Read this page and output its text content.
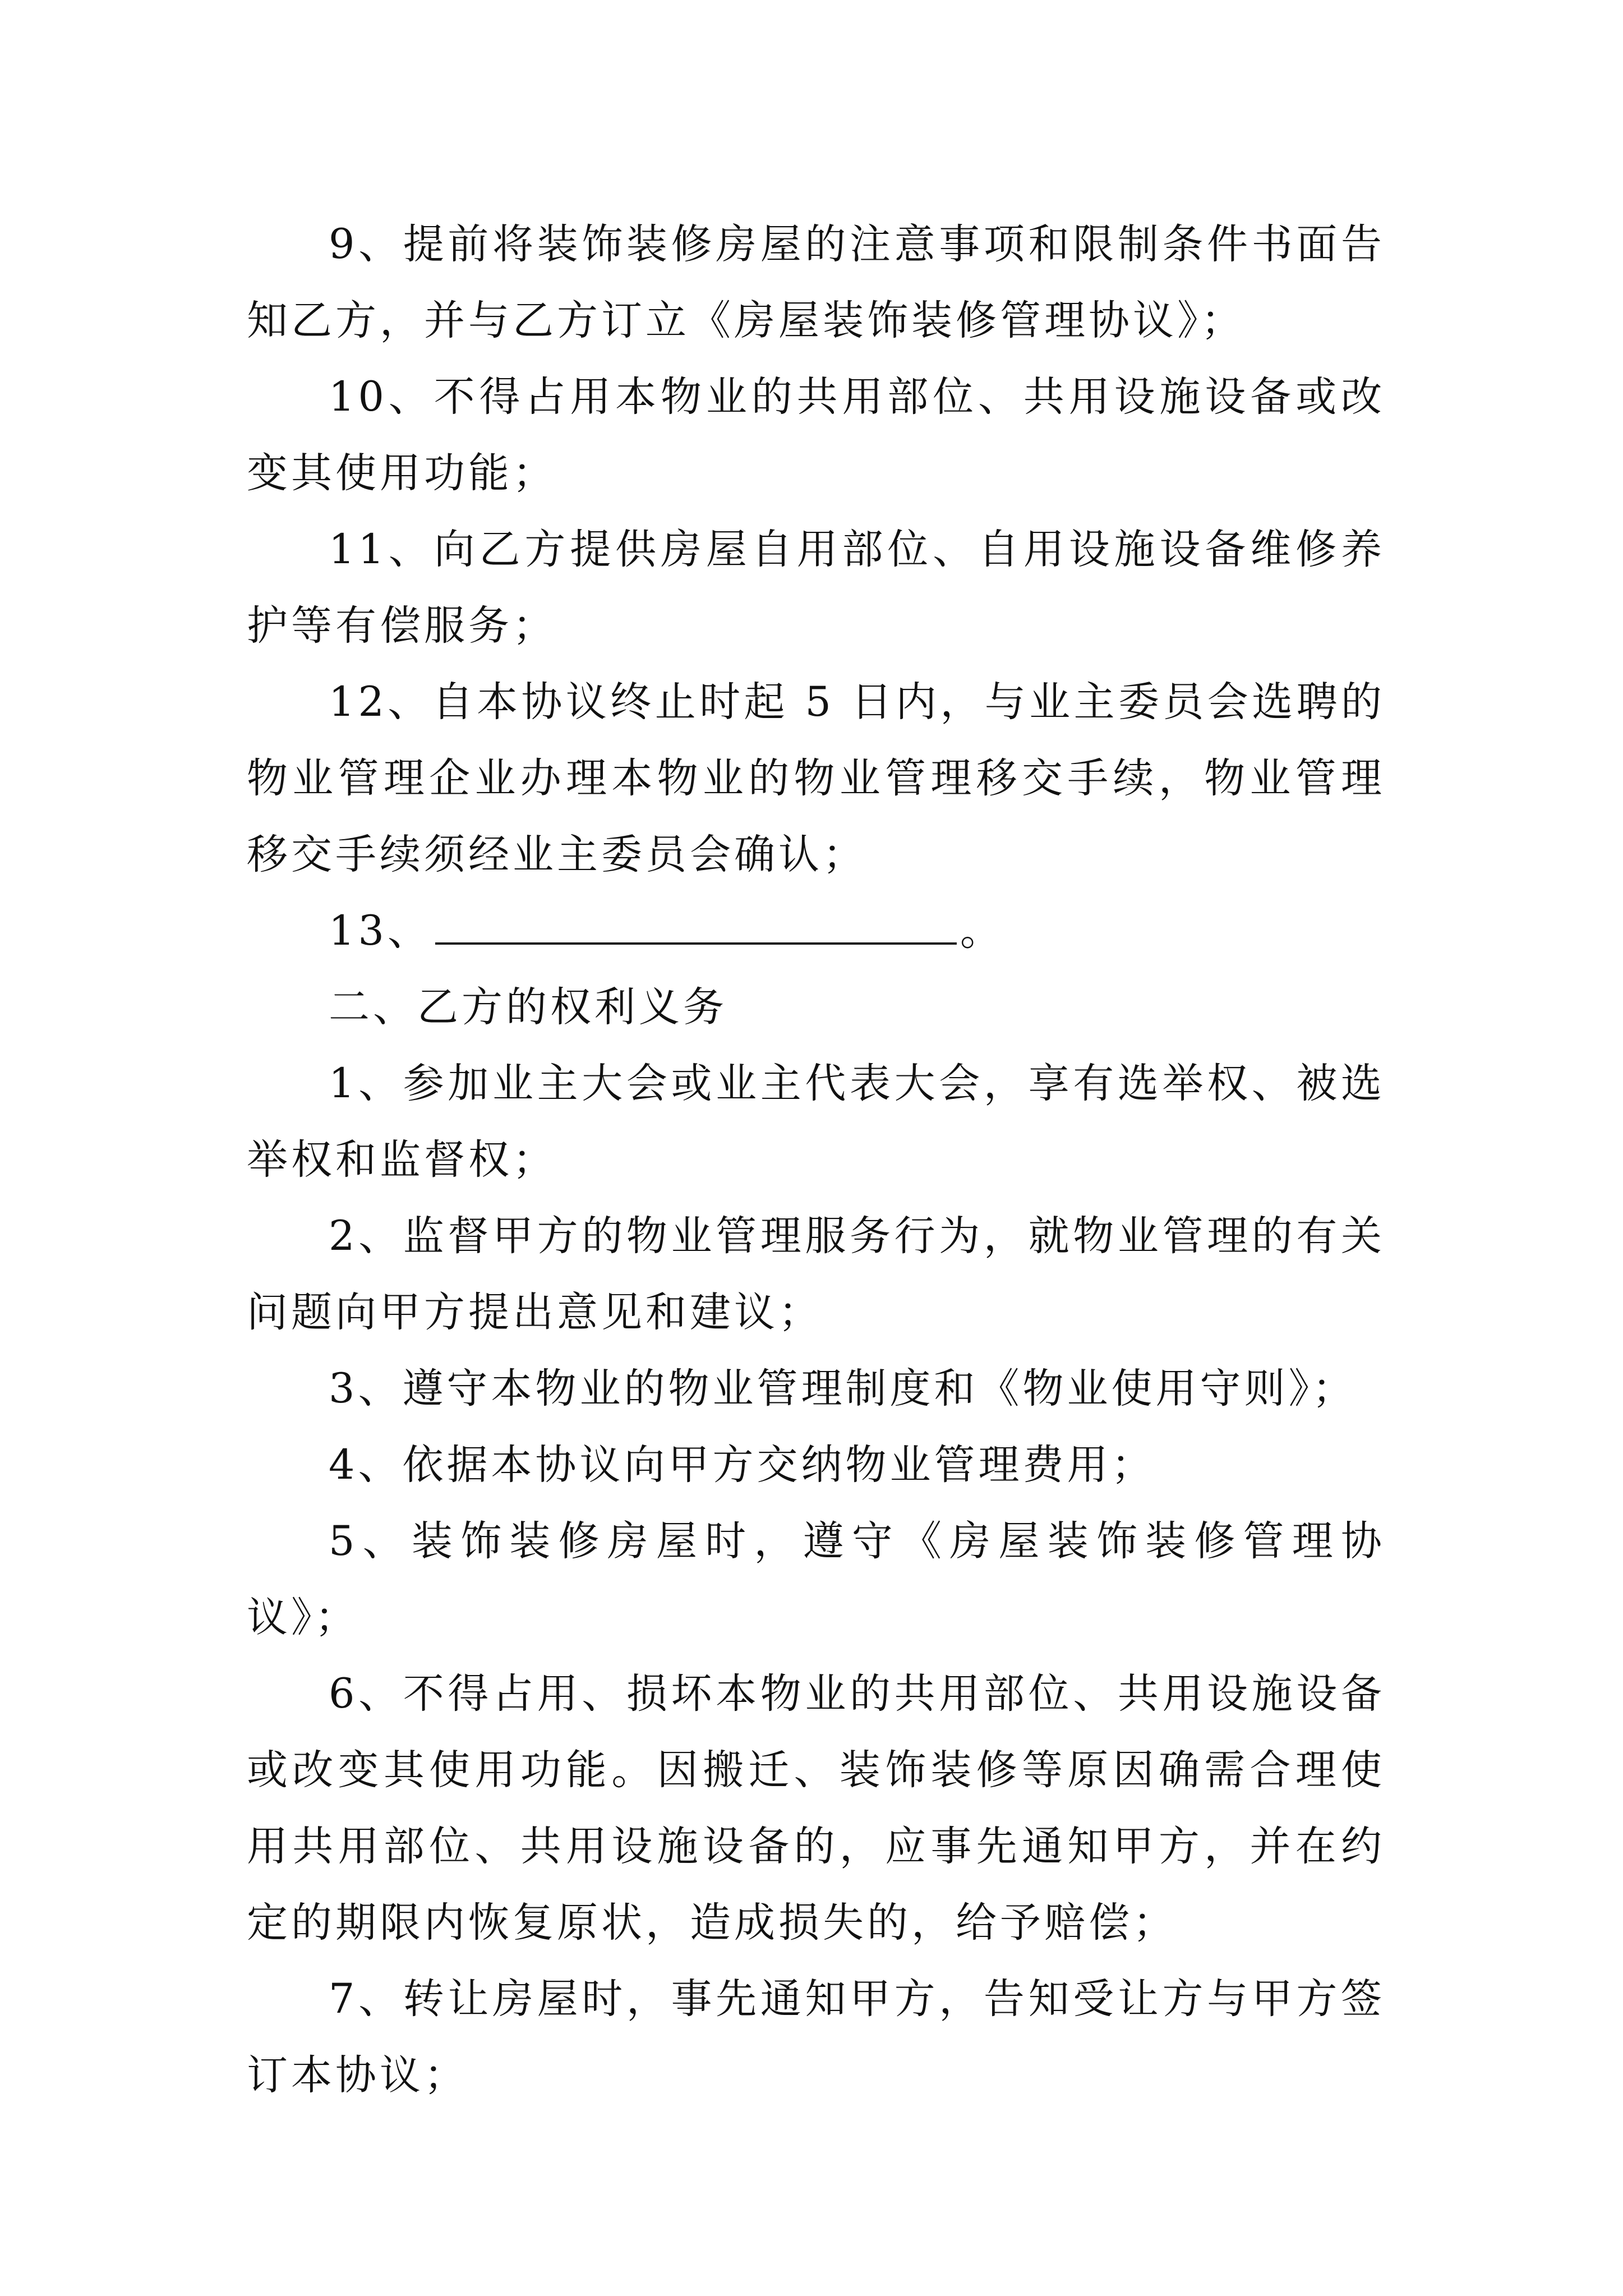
9、提前将装饰装修房屋的注意事项和限制条件书面告知乙方，并与乙方订立《房屋装饰装修管理协议》；

10、不得占用本物业的共用部位、共用设施设备或改变其使用功能；

11、向乙方提供房屋自用部位、自用设施设备维修养护等有偿服务；

12、自本协议终止时起 5 日内，与业主委员会选聘的物业管理企业办理本物业的物业管理移交手续，物业管理移交手续须经业主委员会确认；

13、	。

二、乙方的权利义务

1、参加业主大会或业主代表大会，享有选举权、被选举权和监督权；

2、监督甲方的物业管理服务行为，就物业管理的有关问题向甲方提出意见和建议；

3、遵守本物业的物业管理制度和《物业使用守则》；

4、依据本协议向甲方交纳物业管理费用；

5、装饰装修房屋时，遵守《房屋装饰装修管理协议》；

6、不得占用、损坏本物业的共用部位、共用设施设备或改变其使用功能。因搬迁、装饰装修等原因确需合理使用共用部位、共用设施设备的，应事先通知甲方，并在约定的期限内恢复原状，造成损失的，给予赔偿；

7、转让房屋时，事先通知甲方，告知受让方与甲方签订本协议；
